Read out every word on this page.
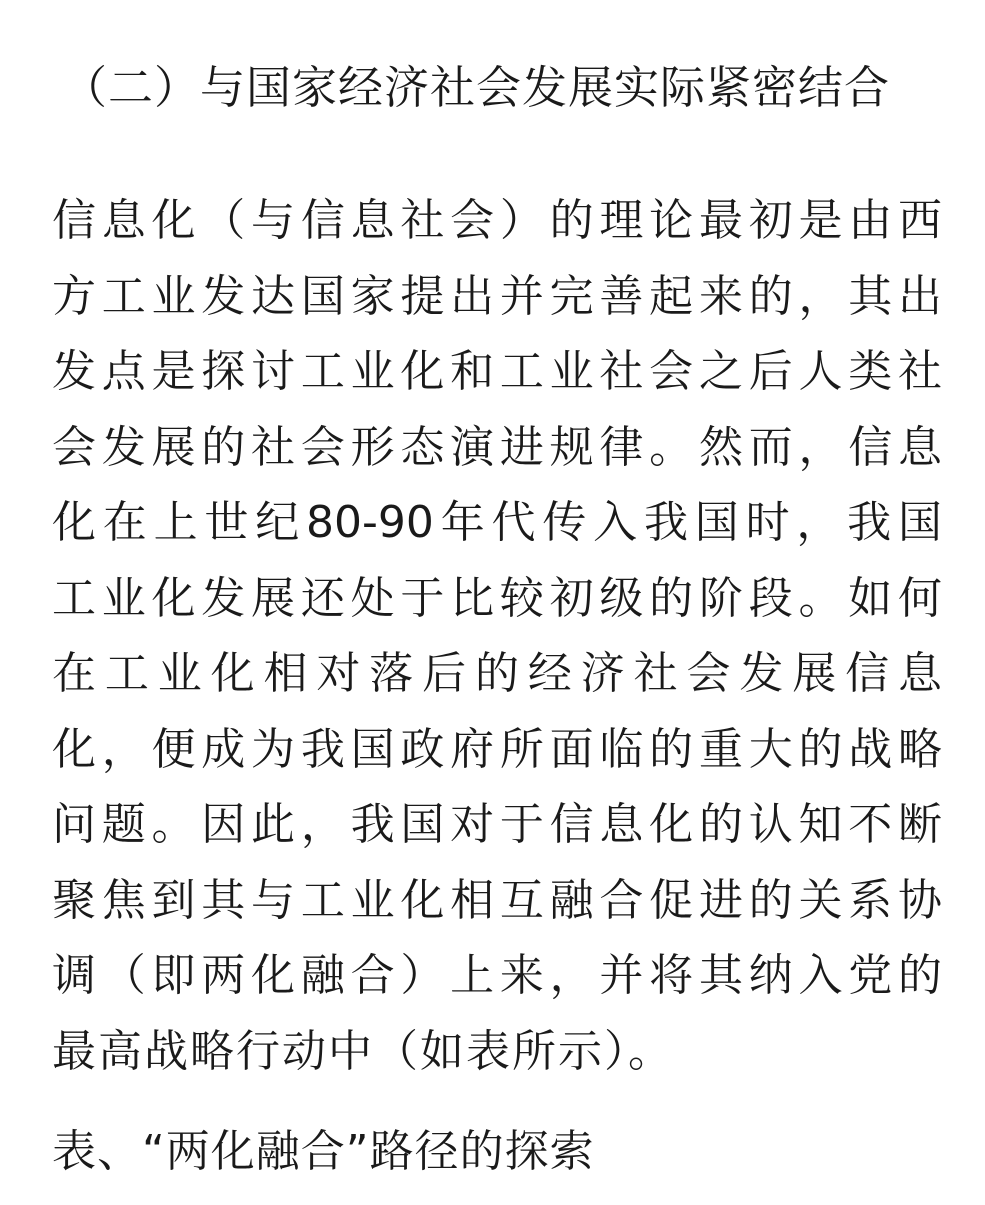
（二）与国家经济社会发展实际紧密结合
信息化（与信息社会）的理论最初是由西
方工业发达国家提出并完善起来的，其出
发点是探讨工业化和工业社会之后人类社
会发展的社会形态演进规律。然而，信息
化在上世纪80-90年代传入我国时，我国
工业化发展还处于比较初级的阶段。如何
在工业化相对落后的经济社会发展信息
化，便成为我国政府所面临的重大的战略
问题。因此，我国对于信息化的认知不断
聚焦到其与工业化相互融合促进的关系协
调（即两化融合）上来，并将其纳入党的
最高战略行动中（如表所示）。

表、“两化融合”路径的探索
